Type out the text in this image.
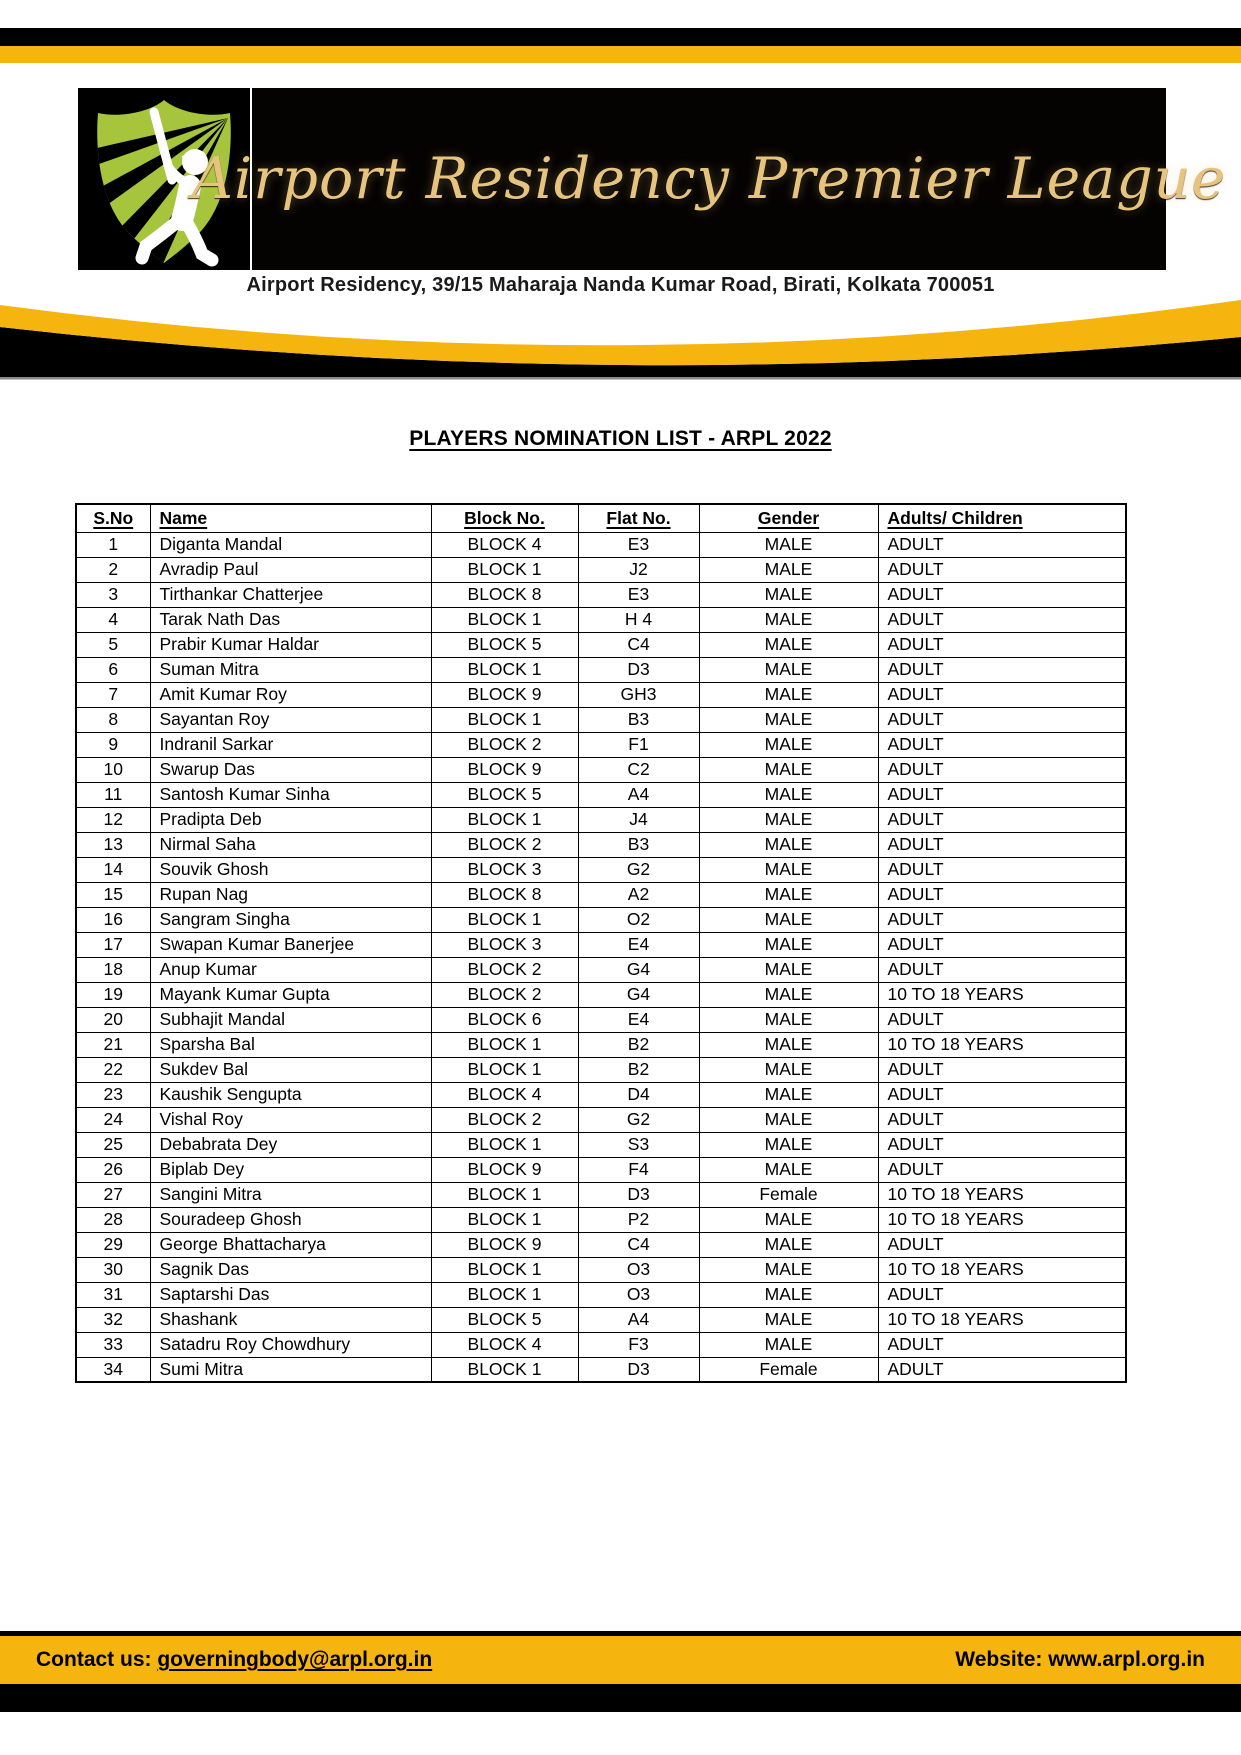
Airport Residency Premier League
Airport Residency, 39/15 Maharaja Nanda Kumar Road, Birati, Kolkata 700051
PLAYERS NOMINATION LIST - ARPL 2022
S.No	Name	Block No.	Flat No.	Gender	Adults/ Children
1	Diganta Mandal	BLOCK 4	E3	MALE	ADULT
2	Avradip Paul	BLOCK 1	J2	MALE	ADULT
3	Tirthankar Chatterjee	BLOCK 8	E3	MALE	ADULT
4	Tarak Nath Das	BLOCK 1	H 4	MALE	ADULT
5	Prabir Kumar Haldar	BLOCK 5	C4	MALE	ADULT
6	Suman Mitra	BLOCK 1	D3	MALE	ADULT
7	Amit Kumar Roy	BLOCK 9	GH3	MALE	ADULT
8	Sayantan Roy	BLOCK 1	B3	MALE	ADULT
9	Indranil Sarkar	BLOCK 2	F1	MALE	ADULT
10	Swarup Das	BLOCK 9	C2	MALE	ADULT
11	Santosh Kumar Sinha	BLOCK 5	A4	MALE	ADULT
12	Pradipta Deb	BLOCK 1	J4	MALE	ADULT
13	Nirmal Saha	BLOCK 2	B3	MALE	ADULT
14	Souvik Ghosh	BLOCK 3	G2	MALE	ADULT
15	Rupan Nag	BLOCK 8	A2	MALE	ADULT
16	Sangram Singha	BLOCK 1	O2	MALE	ADULT
17	Swapan Kumar Banerjee	BLOCK 3	E4	MALE	ADULT
18	Anup Kumar	BLOCK 2	G4	MALE	ADULT
19	Mayank Kumar Gupta	BLOCK 2	G4	MALE	10 TO 18 YEARS
20	Subhajit Mandal	BLOCK 6	E4	MALE	ADULT
21	Sparsha Bal	BLOCK 1	B2	MALE	10 TO 18 YEARS
22	Sukdev Bal	BLOCK 1	B2	MALE	ADULT
23	Kaushik Sengupta	BLOCK 4	D4	MALE	ADULT
24	Vishal Roy	BLOCK 2	G2	MALE	ADULT
25	Debabrata Dey	BLOCK 1	S3	MALE	ADULT
26	Biplab Dey	BLOCK 9	F4	MALE	ADULT
27	Sangini Mitra	BLOCK 1	D3	Female	10 TO 18 YEARS
28	Souradeep Ghosh	BLOCK 1	P2	MALE	10 TO 18 YEARS
29	George Bhattacharya	BLOCK 9	C4	MALE	ADULT
30	Sagnik Das	BLOCK 1	O3	MALE	10 TO 18 YEARS
31	Saptarshi Das	BLOCK 1	O3	MALE	ADULT
32	Shashank	BLOCK 5	A4	MALE	10 TO 18 YEARS
33	Satadru Roy Chowdhury	BLOCK 4	F3	MALE	ADULT
34	Sumi Mitra	BLOCK 1	D3	Female	ADULT
Contact us: governingbody@arpl.org.in	Website: www.arpl.org.in
